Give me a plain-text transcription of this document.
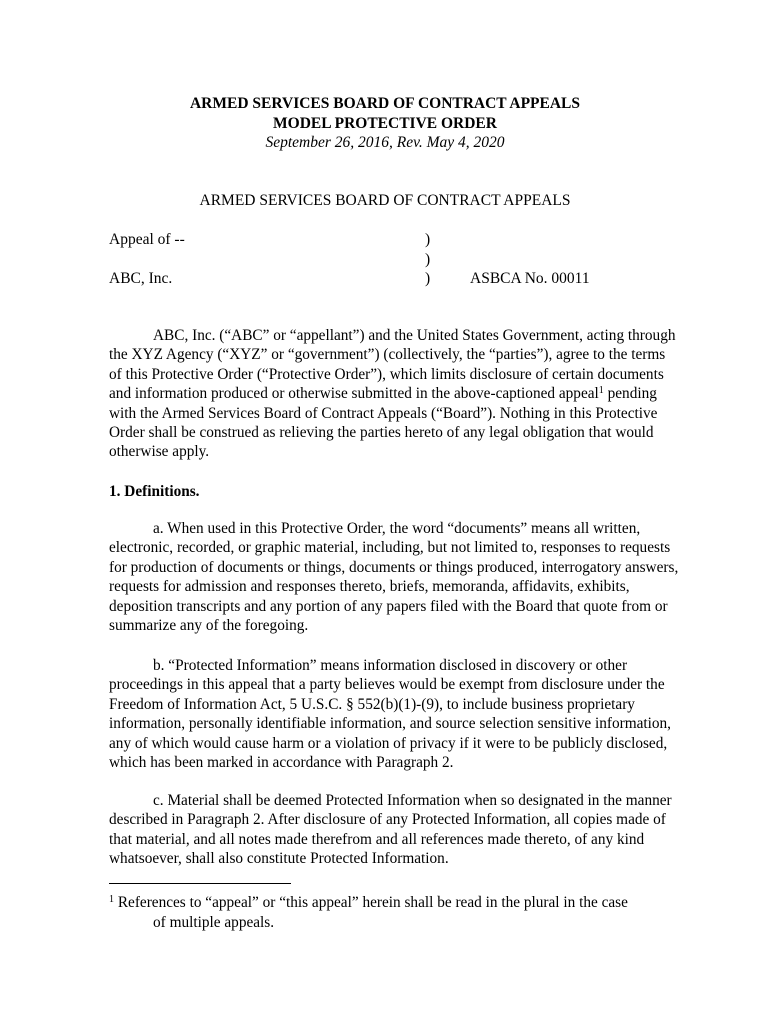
ARMED SERVICES BOARD OF CONTRACT APPEALS
MODEL PROTECTIVE ORDER
September 26, 2016, Rev. May 4, 2020
ARMED SERVICES BOARD OF CONTRACT APPEALS
Appeal of --	)
)
ABC, Inc.	)	ASBCA No. 00011
ABC, Inc. (“ABC” or “appellant”) and the United States Government, acting through the XYZ Agency (“XYZ” or “government”) (collectively, the “parties”), agree to the terms of this Protective Order (“Protective Order”), which limits disclosure of certain documents and information produced or otherwise submitted in the above-captioned appeal$^1$ pending with the Armed Services Board of Contract Appeals (“Board”). Nothing in this Protective Order shall be construed as relieving the parties hereto of any legal obligation that would otherwise apply.
1. Definitions.
a. When used in this Protective Order, the word “documents” means all written, electronic, recorded, or graphic material, including, but not limited to, responses to requests for production of documents or things, documents or things produced, interrogatory answers, requests for admission and responses thereto, briefs, memoranda, affidavits, exhibits, deposition transcripts and any portion of any papers filed with the Board that quote from or summarize any of the foregoing.
b. “Protected Information” means information disclosed in discovery or other proceedings in this appeal that a party believes would be exempt from disclosure under the Freedom of Information Act, 5 U.S.C. § 552(b)(1)-(9), to include business proprietary information, personally identifiable information, and source selection sensitive information, any of which would cause harm or a violation of privacy if it were to be publicly disclosed, which has been marked in accordance with Paragraph 2.
c. Material shall be deemed Protected Information when so designated in the manner described in Paragraph 2. After disclosure of any Protected Information, all copies made of that material, and all notes made therefrom and all references made thereto, of any kind whatsoever, shall also constitute Protected Information.
$^1$ References to “appeal” or “this appeal” herein shall be read in the plural in the case
of multiple appeals.
